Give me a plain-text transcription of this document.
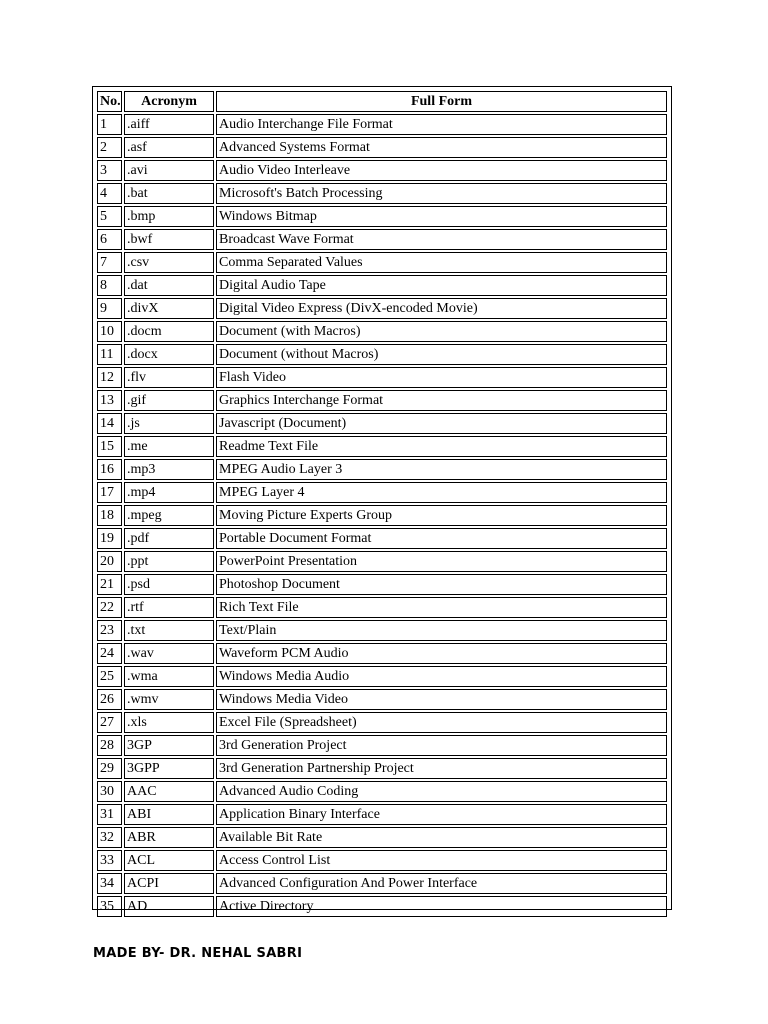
No.	Acronym	Full Form
1	.aiff	Audio Interchange File Format
2	.asf	Advanced Systems Format
3	.avi	Audio Video Interleave
4	.bat	Microsoft's Batch Processing
5	.bmp	Windows Bitmap
6	.bwf	Broadcast Wave Format
7	.csv	Comma Separated Values
8	.dat	Digital Audio Tape
9	.divX	Digital Video Express (DivX-encoded Movie)
10	.docm	Document (with Macros)
11	.docx	Document (without Macros)
12	.flv	Flash Video
13	.gif	Graphics Interchange Format
14	.js	Javascript (Document)
15	.me	Readme Text File
16	.mp3	MPEG Audio Layer 3
17	.mp4	MPEG Layer 4
18	.mpeg	Moving Picture Experts Group
19	.pdf	Portable Document Format
20	.ppt	PowerPoint Presentation
21	.psd	Photoshop Document
22	.rtf	Rich Text File
23	.txt	Text/Plain
24	.wav	Waveform PCM Audio
25	.wma	Windows Media Audio
26	.wmv	Windows Media Video
27	.xls	Excel File (Spreadsheet)
28	3GP	3rd Generation Project
29	3GPP	3rd Generation Partnership Project
30	AAC	Advanced Audio Coding
31	ABI	Application Binary Interface
32	ABR	Available Bit Rate
33	ACL	Access Control List
34	ACPI	Advanced Configuration And Power Interface
35	AD	Active Directory
MADE BY- DR. NEHAL SABRI
